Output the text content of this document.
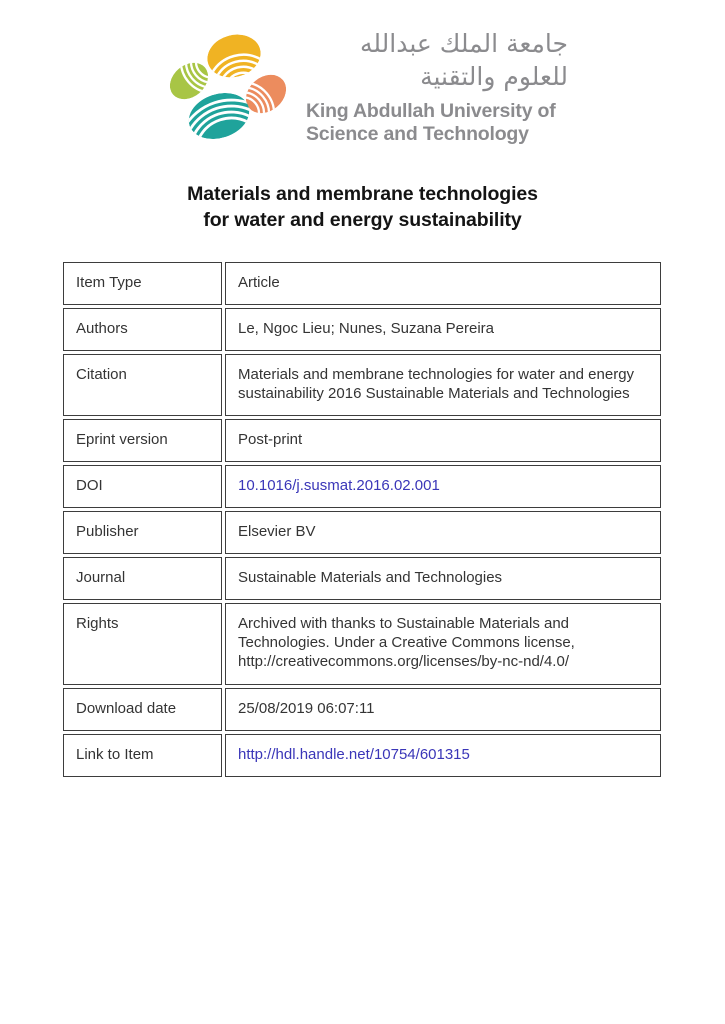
جامعة الملك عبدالله
للعلوم والتقنية
King Abdullah University of
Science and Technology
Materials and membrane technologies
for water and energy sustainability
Item Type	Article
Authors	Le, Ngoc Lieu; Nunes, Suzana Pereira
Citation	Materials and membrane technologies for water and energy sustainability 2016 Sustainable Materials and Technologies
Eprint version	Post-print
DOI	10.1016/j.susmat.2016.02.001
Publisher	Elsevier BV
Journal	Sustainable Materials and Technologies
Rights	Archived with thanks to Sustainable Materials and Technologies. Under a Creative Commons license, http://creativecommons.org/licenses/by-nc-nd/4.0/
Download date	25/08/2019 06:07:11
Link to Item	http://hdl.handle.net/10754/601315
